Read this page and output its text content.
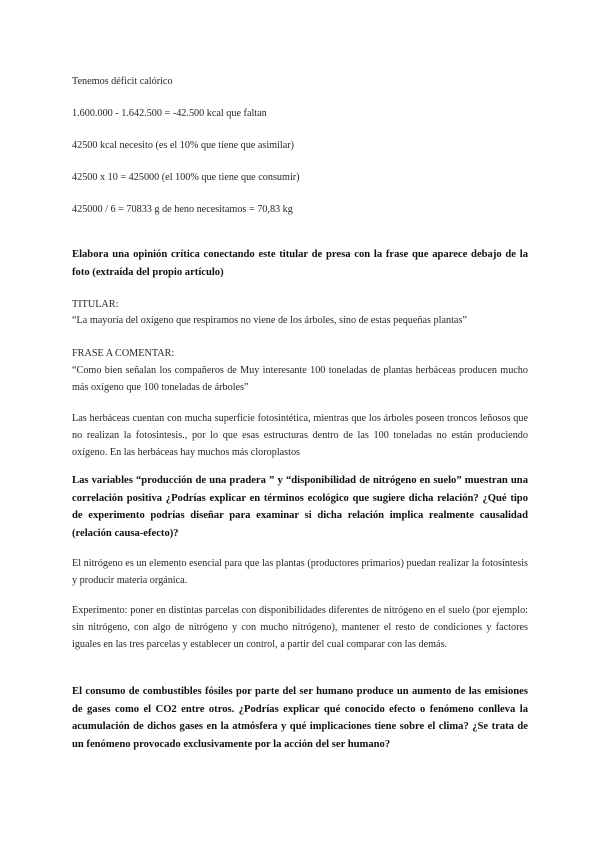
Tenemos déficit calórico

1.600.000 - 1.642.500 = -42.500 kcal que faltan

42500 kcal necesito (es el 10% que tiene que asimilar)

42500 x 10 = 425000 (el 100% que tiene que consumir)

425000 / 6 = 70833 g de heno necesitamos = 70,83 kg

Elabora una opinión crítica conectando este titular de presa con la frase que aparece debajo de la foto (extraída del propio artículo)

TITULAR:

“La mayoría del oxígeno que respiramos no viene de los árboles, sino de estas pequeñas plantas”

FRASE A COMENTAR:

“Como bien señalan los compañeros de Muy interesante 100 toneladas de plantas herbáceas producen mucho más oxígeno que 100 toneladas de árboles”

Las herbáceas cuentan con mucha superficie fotosintética, mientras que los árboles poseen troncos leñosos que no realizan la fotosintesis., por lo que esas estructuras dentro de las 100 toneladas no están produciendo oxígeno. En las herbáceas hay muchos más cloroplastos

Las variables “producción de una pradera ” y “disponibilidad de nitrógeno en suelo” muestran una correlación positiva ¿Podrías explicar en términos ecológico que sugiere dicha relación? ¿Qué tipo de experimento podrías diseñar para examinar si dicha relación implica realmente causalidad (relación causa-efecto)?

El nitrógeno es un elemento esencial para que las plantas (productores primarios) puedan realizar la fotosíntesis y producir materia orgánica.

Experimento: poner en distintas parcelas con disponibilidades diferentes de nitrógeno en el suelo (por ejemplo: sin nitrógeno, con algo de nitrógeno y con mucho nitrógeno), mantener el resto de condiciones y factores iguales en las tres parcelas y establecer un control, a partir del cual comparar con las demás.

El consumo de combustibles fósiles por parte del ser humano produce un aumento de las emisiones de gases como el CO2 entre otros. ¿Podrías explicar qué conocido efecto o fenómeno conlleva la acumulación de dichos gases en la atmósfera y qué implicaciones tiene sobre el clima? ¿Se trata de un fenómeno provocado exclusivamente por la acción del ser humano?
